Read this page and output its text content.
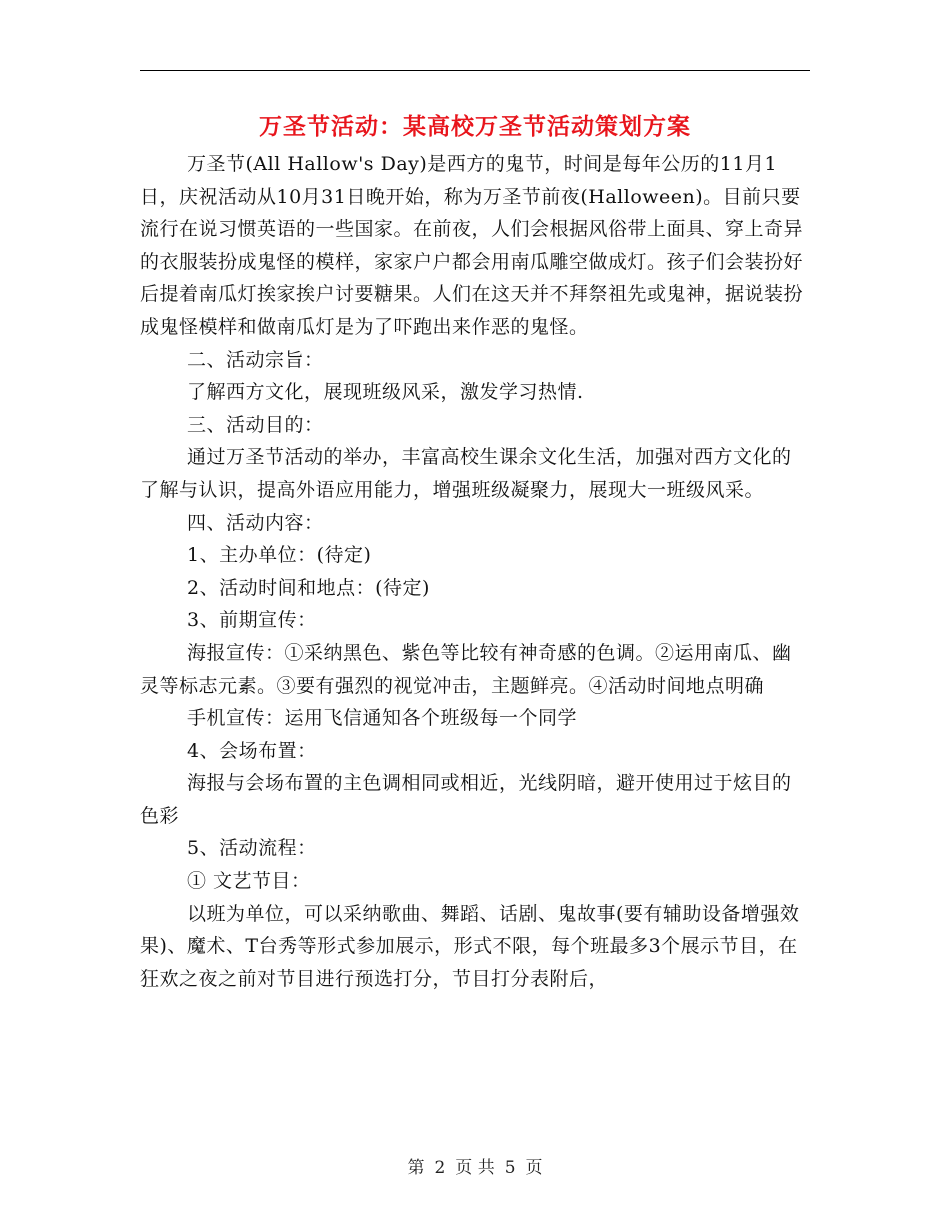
万圣节活动：某高校万圣节活动策划方案

万圣节(All Hallow's Day)是西方的鬼节，时间是每年公历的11月1日，庆祝活动从10月31日晚开始，称为万圣节前夜(Halloween)。目前只要流行在说习惯英语的一些国家。在前夜，人们会根据风俗带上面具、穿上奇异的衣服装扮成鬼怪的模样，家家户户都会用南瓜雕空做成灯。孩子们会装扮好后提着南瓜灯挨家挨户讨要糖果。人们在这天并不拜祭祖先或鬼神，据说装扮成鬼怪模样和做南瓜灯是为了吓跑出来作恶的鬼怪。

二、活动宗旨：

了解西方文化，展现班级风采，激发学习热情.

三、活动目的：

通过万圣节活动的举办，丰富高校生课余文化生活，加强对西方文化的了解与认识，提高外语应用能力，增强班级凝聚力，展现大一班级风采。

四、活动内容：

1、主办单位：(待定)

2、活动时间和地点：(待定)

3、前期宣传：

海报宣传：①采纳黑色、紫色等比较有神奇感的色调。②运用南瓜、幽灵等标志元素。③要有强烈的视觉冲击，主题鲜亮。④活动时间地点明确

手机宣传：运用飞信通知各个班级每一个同学

4、会场布置：

海报与会场布置的主色调相同或相近，光线阴暗，避开使用过于炫目的色彩

5、活动流程：

① 文艺节目：

以班为单位，可以采纳歌曲、舞蹈、话剧、鬼故事(要有辅助设备增强效果)、魔术、T台秀等形式参加展示，形式不限，每个班最多3个展示节目，在狂欢之夜之前对节目进行预选打分，节目打分表附后，

第 2 页 共 5 页
